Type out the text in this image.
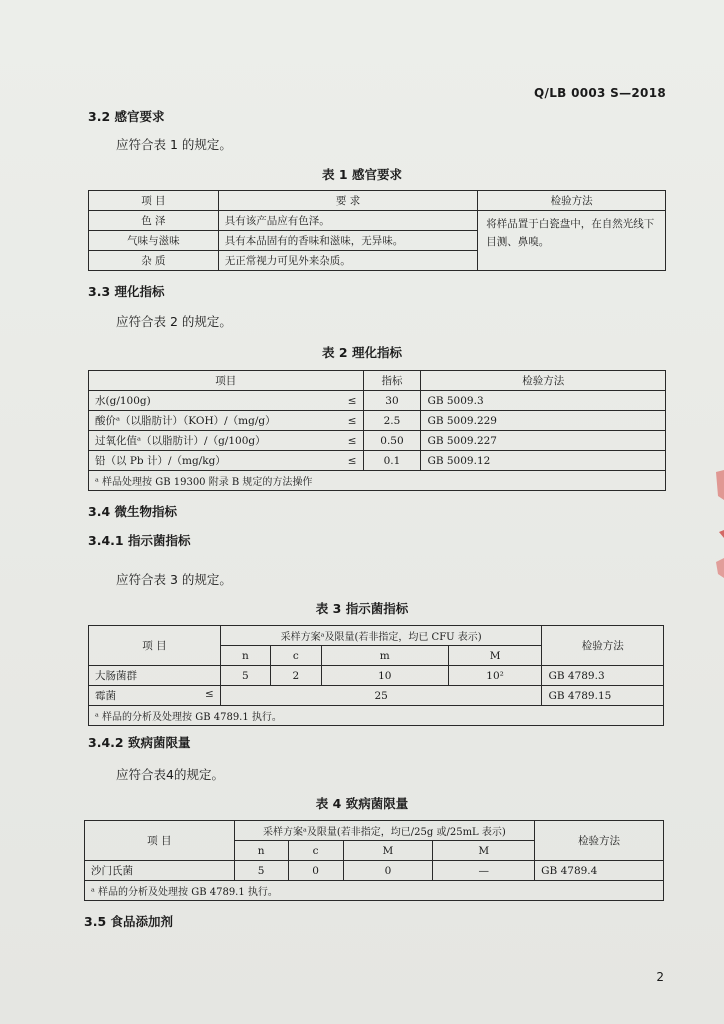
Q/LB 0003 S—2018
3.2 感官要求
应符合表 1 的规定。
表 1 感官要求
项 目	要 求	检验方法
色 泽	具有该产品应有色泽。	将样品置于白瓷盘中，在自然光线下目测、鼻嗅。
气味与滋味	具有本品固有的香味和滋味，无异味。	
杂 质	无正常视力可见外来杂质。	
3.3 理化指标
应符合表 2 的规定。
表 2 理化指标
项目		指标	检验方法
水(g/100g)	≤	30	GB 5009.3
酸价ᵃ（以脂肪计）（KOH）/（mg/g）	≤	2.5	GB 5009.229
过氧化值ᵃ（以脂肪计）/（g/100g）	≤	0.50	GB 5009.227
铅（以 Pb 计）/（mg/kg）	≤	0.1	GB 5009.12
ᵃ 样品处理按 GB 19300 附录 B 规定的方法操作			
3.4 微生物指标
3.4.1 指示菌指标
应符合表 3 的规定。
表 3 指示菌指标
项 目	采样方案ᵃ及限量(若非指定，均已 CFU 表示)				检验方法
	n	c	m	M	
大肠菌群	5	2	10	10²	GB 4789.3
霉菌 ≤	25				GB 4789.15
ᵃ 样品的分析及处理按 GB 4789.1 执行。					
3.4.2 致病菌限量
应符合表4的规定。
表 4 致病菌限量
项 目	采样方案ᵃ及限量(若非指定，均已/25g 或/25mL 表示)				检验方法
	n	c	M	M	
沙门氏菌	5	0	0	—	GB 4789.4
ᵃ 样品的分析及处理按 GB 4789.1 执行。					
3.5 食品添加剂
2
